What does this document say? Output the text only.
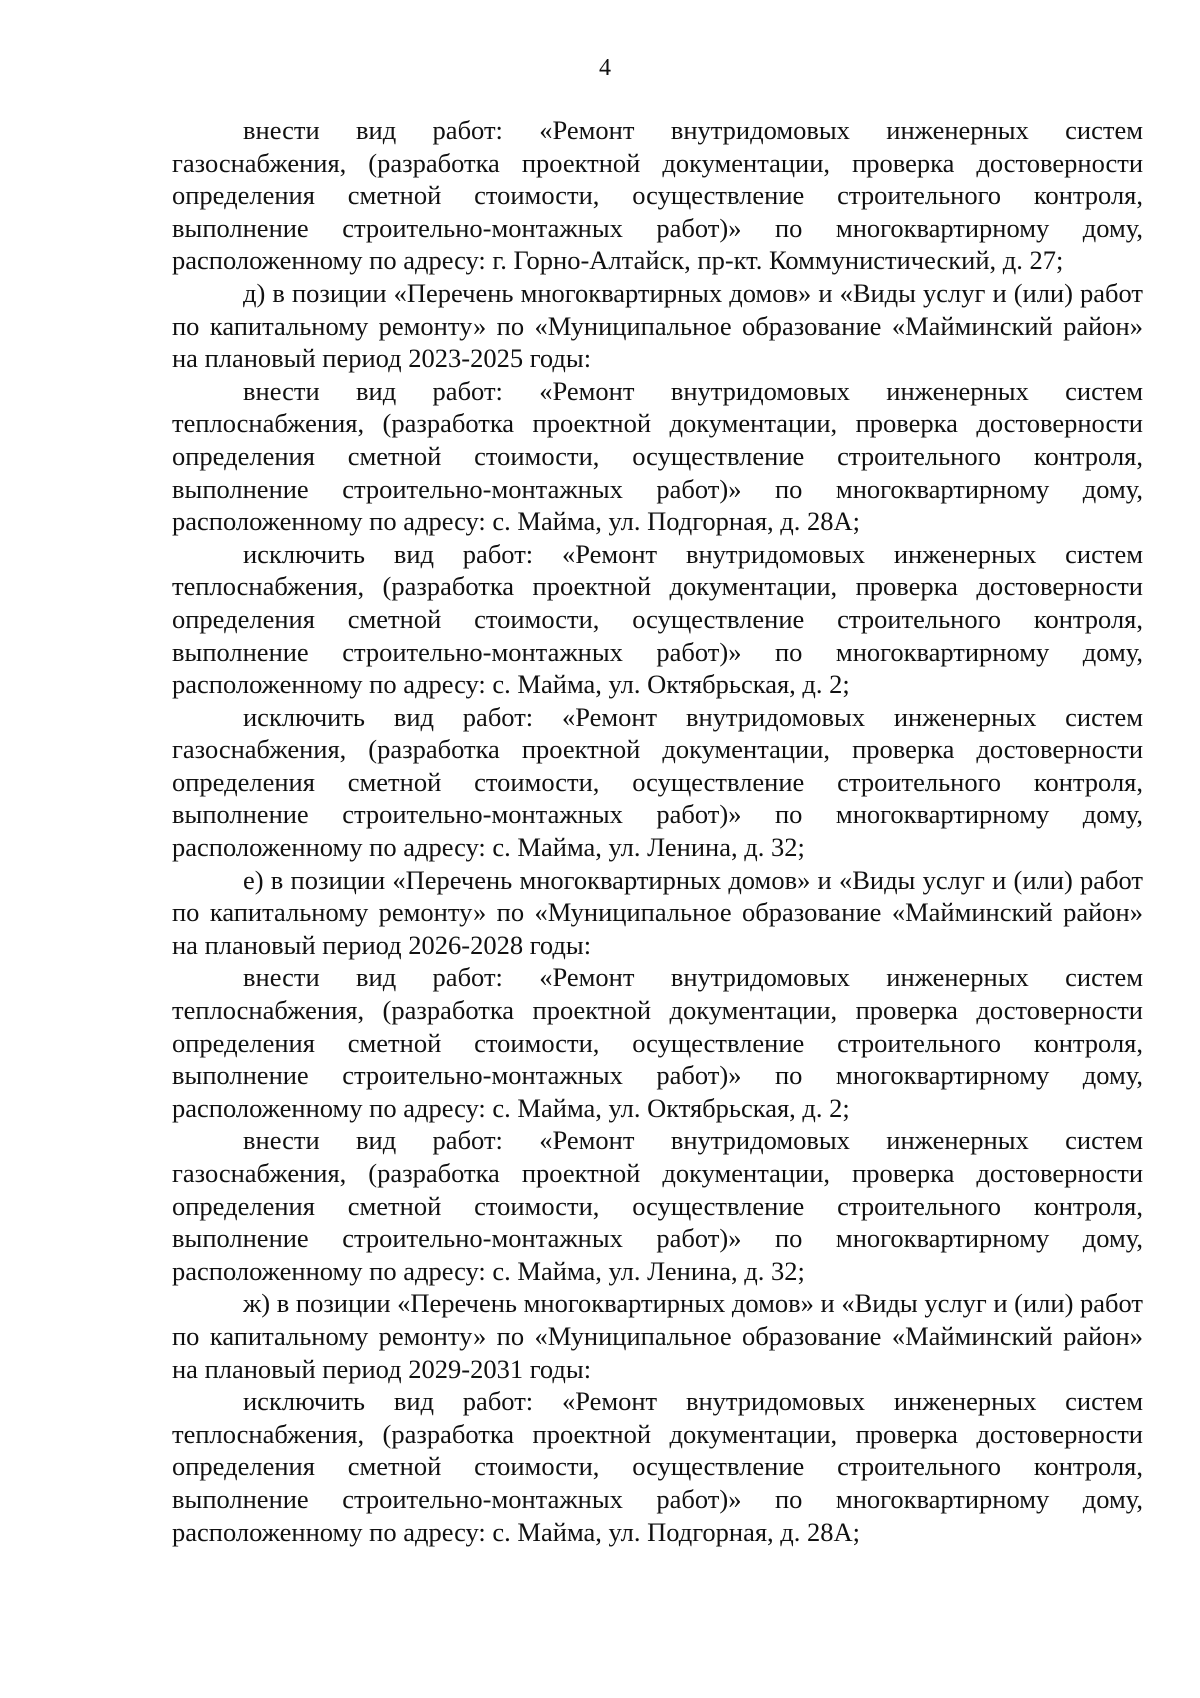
4

внести вид работ: «Ремонт внутридомовых инженерных систем газоснабжения, (разработка проектной документации, проверка достоверности определения сметной стоимости, осуществление строительного контроля, выполнение строительно-монтажных работ)» по многоквартирному дому, расположенному по адресу: г. Горно-Алтайск, пр-кт. Коммунистический, д. 27;

д) в позиции «Перечень многоквартирных домов» и «Виды услуг и (или) работ по капитальному ремонту» по «Муниципальное образование «Майминский район» на плановый период 2023-2025 годы:

внести вид работ: «Ремонт внутридомовых инженерных систем теплоснабжения, (разработка проектной документации, проверка достоверности определения сметной стоимости, осуществление строительного контроля, выполнение строительно-монтажных работ)» по многоквартирному дому, расположенному по адресу: с. Майма, ул. Подгорная, д. 28А;

исключить вид работ: «Ремонт внутридомовых инженерных систем теплоснабжения, (разработка проектной документации, проверка достоверности определения сметной стоимости, осуществление строительного контроля, выполнение строительно-монтажных работ)» по многоквартирному дому, расположенному по адресу: с. Майма, ул. Октябрьская, д. 2;

исключить вид работ: «Ремонт внутридомовых инженерных систем газоснабжения, (разработка проектной документации, проверка достоверности определения сметной стоимости, осуществление строительного контроля, выполнение строительно-монтажных работ)» по многоквартирному дому, расположенному по адресу: с. Майма, ул. Ленина, д. 32;

е) в позиции «Перечень многоквартирных домов» и «Виды услуг и (или) работ по капитальному ремонту» по «Муниципальное образование «Майминский район» на плановый период 2026-2028 годы:

внести вид работ: «Ремонт внутридомовых инженерных систем теплоснабжения, (разработка проектной документации, проверка достоверности определения сметной стоимости, осуществление строительного контроля, выполнение строительно-монтажных работ)» по многоквартирному дому, расположенному по адресу: с. Майма, ул. Октябрьская, д. 2;

внести вид работ: «Ремонт внутридомовых инженерных систем газоснабжения, (разработка проектной документации, проверка достоверности определения сметной стоимости, осуществление строительного контроля, выполнение строительно-монтажных работ)» по многоквартирному дому, расположенному по адресу: с. Майма, ул. Ленина, д. 32;

ж) в позиции «Перечень многоквартирных домов» и «Виды услуг и (или) работ по капитальному ремонту» по «Муниципальное образование «Майминский район» на плановый период 2029-2031 годы:

исключить вид работ: «Ремонт внутридомовых инженерных систем теплоснабжения, (разработка проектной документации, проверка достоверности определения сметной стоимости, осуществление строительного контроля, выполнение строительно-монтажных работ)» по многоквартирному дому, расположенному по адресу: с. Майма, ул. Подгорная, д. 28А;
